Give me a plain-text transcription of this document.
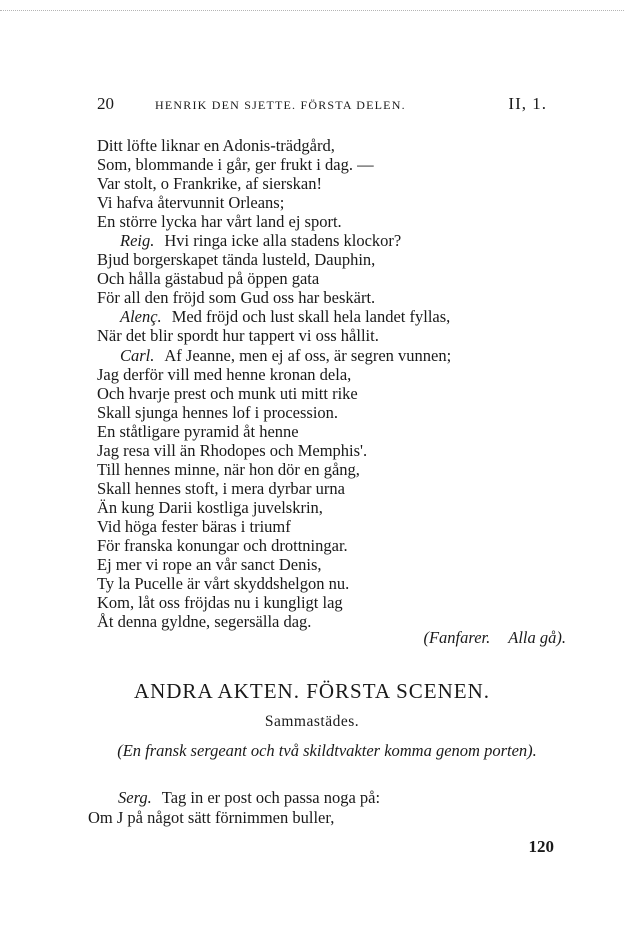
20	HENRIK DEN SJETTE. FÖRSTA DELEN.	II, 1.
Ditt löfte liknar en Adonis-trädgård,
Som, blommande i går, ger frukt i dag. —
Var stolt, o Frankrike, af sierskan!
Vi hafva återvunnit Orleans;
En större lycka har vårt land ej sport.
Reig. Hvi ringa icke alla stadens klockor?
Bjud borgerskapet tända lusteld, Dauphin,
Och hålla gästabud på öppen gata
För all den fröjd som Gud oss har beskärt.
Alenç. Med fröjd och lust skall hela landet fyllas,
När det blir spordt hur tappert vi oss hållit.
Carl. Af Jeanne, men ej af oss, är segren vunnen;
Jag derför vill med henne kronan dela,
Och hvarje prest och munk uti mitt rike
Skall sjunga hennes lof i procession.
En ståtligare pyramid åt henne
Jag resa vill än Rhodopes och Memphis'.
Till hennes minne, när hon dör en gång,
Skall hennes stoft, i mera dyrbar urna
Än kung Darii kostliga juvelskrin,
Vid höga fester bäras i triumf
För franska konungar och drottningar.
Ej mer vi rope an vår sanct Denis,
Ty la Pucelle är vårt skyddshelgon nu.
Kom, låt oss fröjdas nu i kungligt lag
Åt denna gyldne, segersälla dag.
(Fanfarer. Alla gå).
ANDRA AKTEN. FÖRSTA SCENEN.
Sammastädes.
(En fransk sergeant och två skildtvakter komma genom porten).
Serg. Tag in er post och passa noga på:
Om J på något sätt förnimmen buller,
120
